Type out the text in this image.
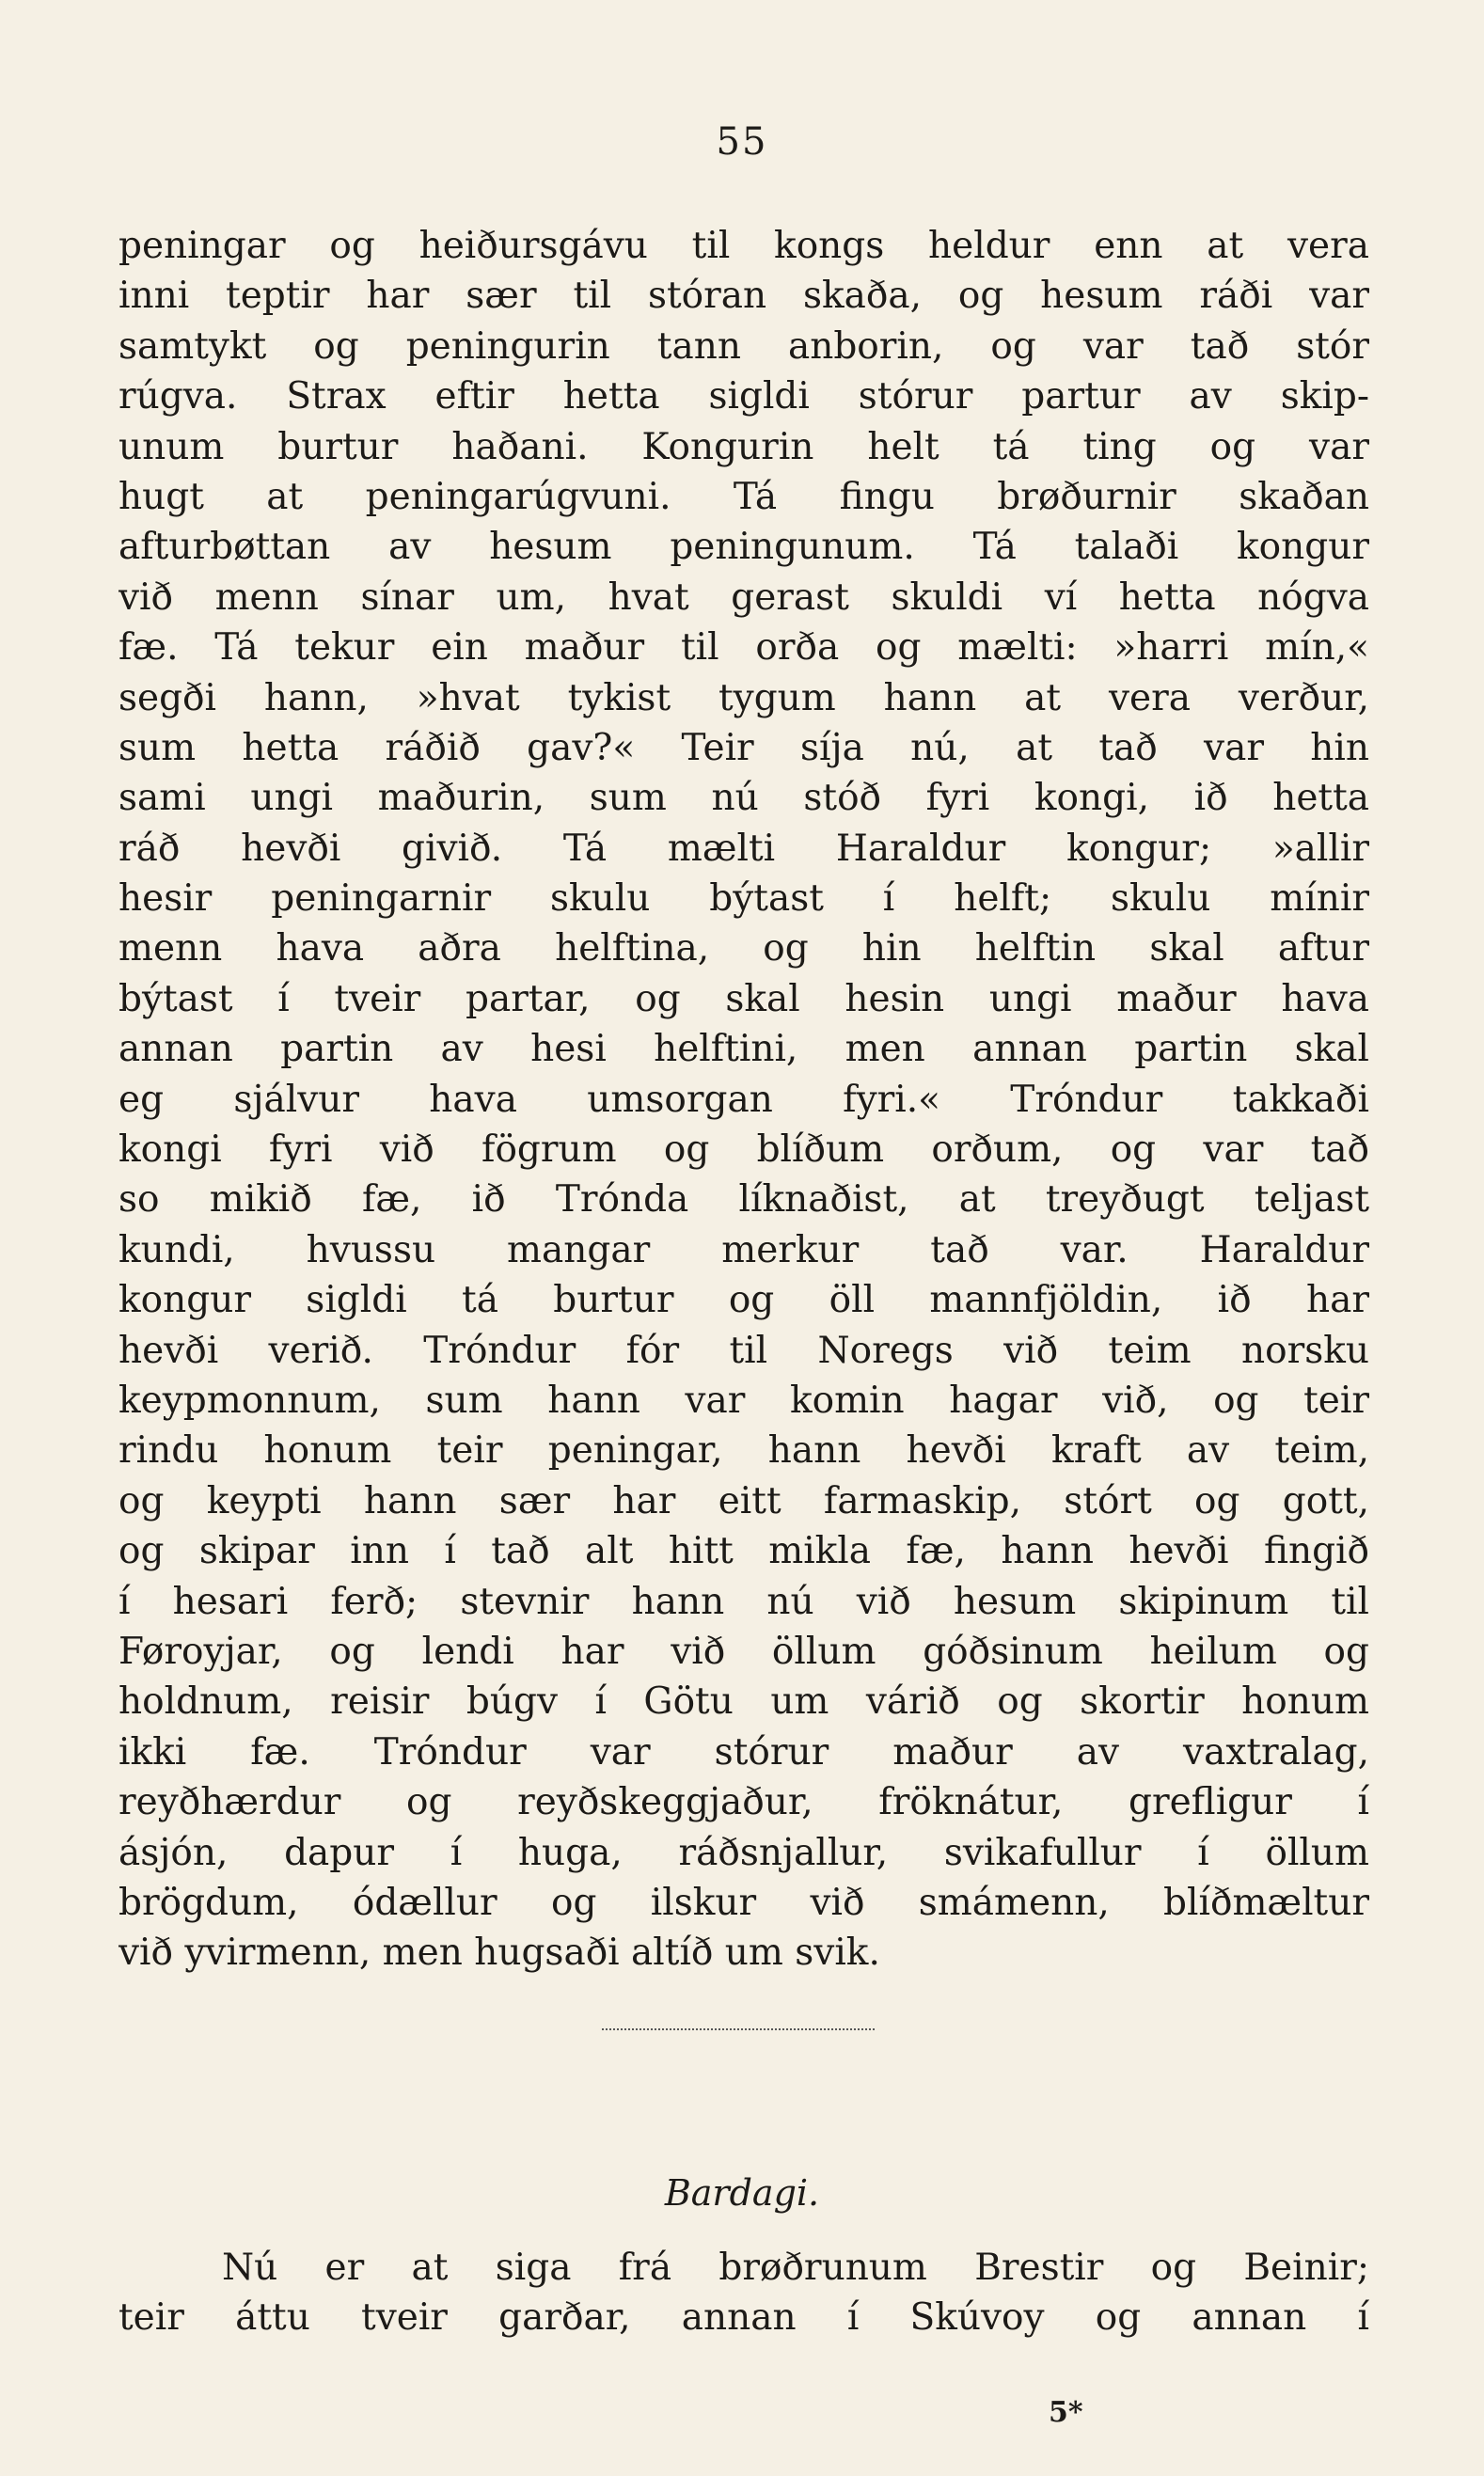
55
peningar og heiðursgávu til kongs heldur enn at vera
inni teptir har sær til stóran skaða, og hesum ráði var
samtykt og peningurin tann anborin, og var tað stór
rúgva. Strax eftir hetta sigldi stórur partur av skip-
unum burtur haðani. Kongurin helt tá ting og var
hugt at peningarúgvuni. Tá fingu brøðurnir skaðan
afturbøttan av hesum peningunum. Tá talaði kongur
við menn sínar um, hvat gerast skuldi ví hetta nógva
fæ. Tá tekur ein maður til orða og mælti: »harri mín,«
segði hann, »hvat tykist tygum hann at vera verður,
sum hetta ráðið gav?« Teir síja nú, at tað var hin
sami ungi maðurin, sum nú stóð fyri kongi, ið hetta
ráð hevði givið. Tá mælti Haraldur kongur; »allir
hesir peningarnir skulu býtast í helft; skulu mínir
menn hava aðra helftina, og hin helftin skal aftur
býtast í tveir partar, og skal hesin ungi maður hava
annan partin av hesi helftini, men annan partin skal
eg sjálvur hava umsorgan fyri.« Tróndur takkaði
kongi fyri við fögrum og blíðum orðum, og var tað
so mikið fæ, ið Trónda líknaðist, at treyðugt teljast
kundi, hvussu mangar merkur tað var. Haraldur
kongur sigldi tá burtur og öll mannfjöldin, ið har
hevði verið. Tróndur fór til Noregs við teim norsku
keypmonnum, sum hann var komin hagar við, og teir
rindu honum teir peningar, hann hevði kraft av teim,
og keypti hann sær har eitt farmaskip, stórt og gott,
og skipar inn í tað alt hitt mikla fæ, hann hevði fingið
í hesari ferð; stevnir hann nú við hesum skipinum til
Føroyjar, og lendi har við öllum góðsinum heilum og
holdnum, reisir búgv í Götu um várið og skortir honum
ikki fæ. Tróndur var stórur maður av vaxtralag,
reyðhærdur og reyðskeggjaður, fröknátur, grefligur í
ásjón, dapur í huga, ráðsnjallur, svikafullur í öllum
brögdum, ódællur og ilskur við smámenn, blíðmæltur
við yvirmenn, men hugsaði altíð um svik.
Bardagi.
Nú er at siga frá brøðrunum Brestir og Beinir;
teir áttu tveir garðar, annan í Skúvoy og annan í
5*
